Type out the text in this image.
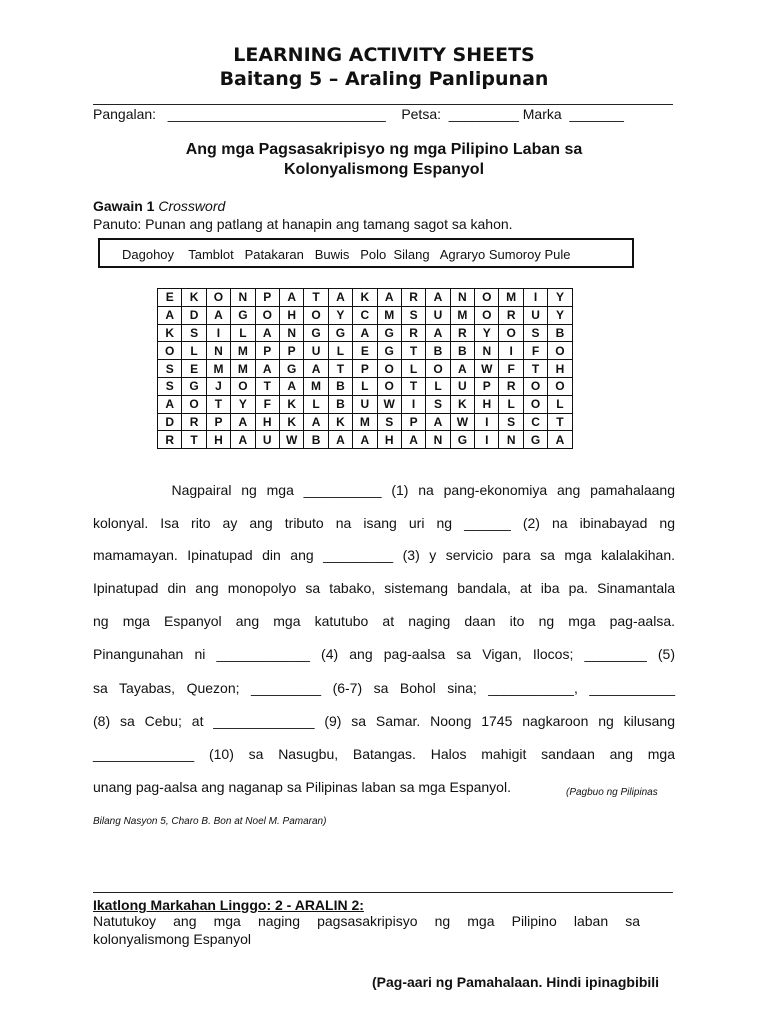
LEARNING ACTIVITY SHEETS
Baitang 5 – Araling Panlipunan
Pangalan: ____________________________ Petsa: _________ Marka _______
Ang mga Pagsasakripisyo ng mga Pilipino Laban sa
Kolonyalismong Espanyol
Gawain 1 Crossword
Panuto: Punan ang patlang at hanapin ang tamang sagot sa kahon.
Dagohoy    Tamblot   Patakaran   Buwis   Polo  Silang   Agraryo Sumoroy Pule
E	K	O	N	P	A	T	A	K	A	R	A	N	O	M	I	Y
A	D	A	G	O	H	O	Y	C	M	S	U	M	O	R	U	Y
K	S	I	L	A	N	G	G	A	G	R	A	R	Y	O	S	B
O	L	N	M	P	P	U	L	E	G	T	B	B	N	I	F	O
S	E	M	M	A	G	A	T	P	O	L	O	A	W	F	T	H
S	G	J	O	T	A	M	B	L	O	T	L	U	P	R	O	O
A	O	T	Y	F	K	L	B	U	W	I	S	K	H	L	O	L
D	R	P	A	H	K	A	K	M	S	P	A	W	I	S	C	T
R	T	H	A	U	W	B	A	A	H	A	N	G	I	N	G	A
Nagpairal ng mga __________ (1) na pang-ekonomiya ang pamahalaang
kolonyal. Isa rito ay ang tributo na isang uri ng ______ (2) na ibinabayad ng
mamamayan. Ipinatupad din ang _________ (3) y servicio para sa mga kalalakihan.
Ipinatupad din ang monopolyo sa tabako, sistemang bandala, at iba pa. Sinamantala
ng mga Espanyol ang mga katutubo at naging daan ito ng mga pag-aalsa.
Pinangunahan ni ____________ (4) ang pag-aalsa sa Vigan, Ilocos; ________ (5)
sa Tayabas, Quezon; _________ (6-7) sa Bohol sina; ___________, ___________
(8) sa Cebu; at _____________ (9) sa Samar. Noong 1745 nagkaroon ng kilusang
_____________ (10) sa Nasugbu, Batangas. Halos mahigit sandaan ang mga
unang pag-aalsa ang naganap sa Pilipinas laban sa mga Espanyol.	(Pagbuo ng Pilipinas
Bilang Nasyon 5, Charo B. Bon at Noel M. Pamaran)
Ikatlong Markahan Linggo: 2 - ARALIN 2:
Natutukoy ang mga naging pagsasakripisyo ng mga Pilipino laban sa
kolonyalismong Espanyol
(Pag-aari ng Pamahalaan. Hindi ipinagbibili
